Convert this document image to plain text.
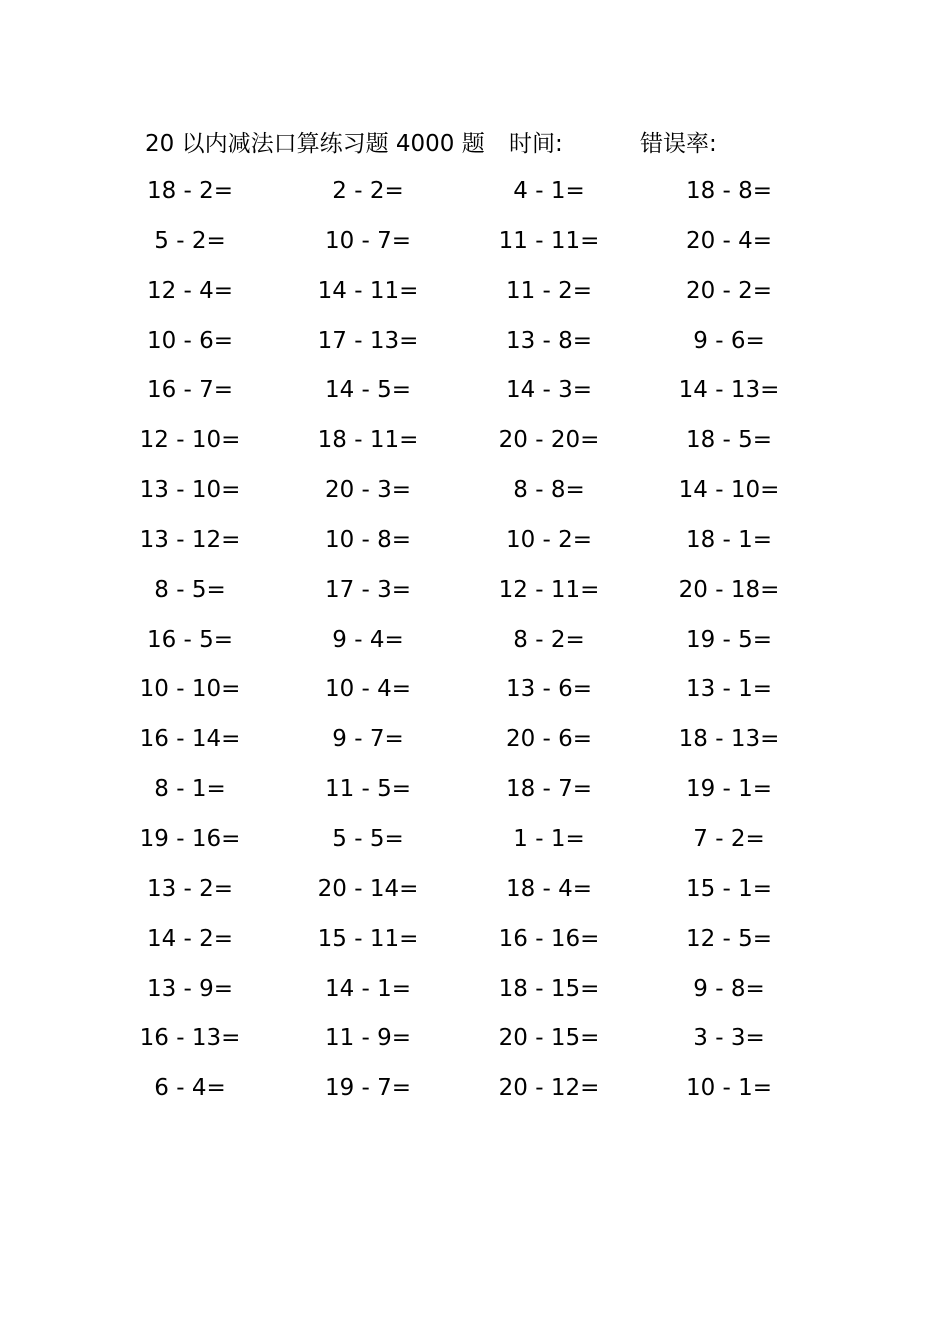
20 以内减法口算练习题 4000 题 时间:	错误率:
18 - 2=	2 - 2=	4 - 1=	18 - 8=
5 - 2=	10 - 7=	11 - 11=	20 - 4=
12 - 4=	14 - 11=	11 - 2=	20 - 2=
10 - 6=	17 - 13=	13 - 8=	9 - 6=
16 - 7=	14 - 5=	14 - 3=	14 - 13=
12 - 10=	18 - 11=	20 - 20=	18 - 5=
13 - 10=	20 - 3=	8 - 8=	14 - 10=
13 - 12=	10 - 8=	10 - 2=	18 - 1=
8 - 5=	17 - 3=	12 - 11=	20 - 18=
16 - 5=	9 - 4=	8 - 2=	19 - 5=
10 - 10=	10 - 4=	13 - 6=	13 - 1=
16 - 14=	9 - 7=	20 - 6=	18 - 13=
8 - 1=	11 - 5=	18 - 7=	19 - 1=
19 - 16=	5 - 5=	1 - 1=	7 - 2=
13 - 2=	20 - 14=	18 - 4=	15 - 1=
14 - 2=	15 - 11=	16 - 16=	12 - 5=
13 - 9=	14 - 1=	18 - 15=	9 - 8=
16 - 13=	11 - 9=	20 - 15=	3 - 3=
6 - 4=	19 - 7=	20 - 12=	10 - 1=
